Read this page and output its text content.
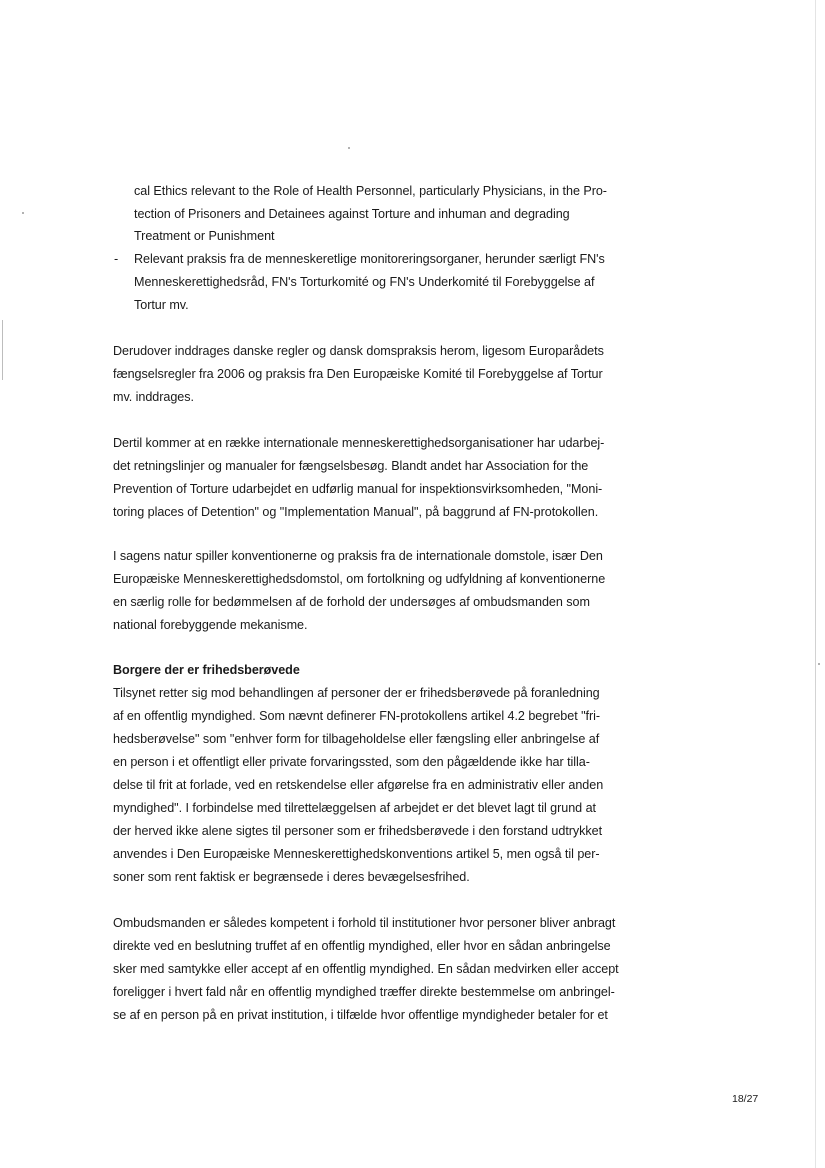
cal Ethics relevant to the Role of Health Personnel, particularly Physicians, in the Pro-
tection of Prisoners and Detainees against Torture and inhuman and degrading
Treatment or Punishment
- Relevant praksis fra de menneskeretlige monitoreringsorganer, herunder særligt FN's
Menneskerettighedsråd, FN's Torturkomité og FN's Underkomité til Forebyggelse af
Tortur mv.
Derudover inddrages danske regler og dansk domspraksis herom, ligesom Europarådets
fængselsregler fra 2006 og praksis fra Den Europæiske Komité til Forebyggelse af Tortur
mv. inddrages.
Dertil kommer at en række internationale menneskerettighedsorganisationer har udarbej-
det retningslinjer og manualer for fængselsbesøg. Blandt andet har Association for the
Prevention of Torture udarbejdet en udførlig manual for inspektionsvirksomheden, "Moni-
toring places of Detention" og "Implementation Manual", på baggrund af FN-protokollen.
I sagens natur spiller konventionerne og praksis fra de internationale domstole, især Den
Europæiske Menneskerettighedsdomstol, om fortolkning og udfyldning af konventionerne
en særlig rolle for bedømmelsen af de forhold der undersøges af ombudsmanden som
national forebyggende mekanisme.
Borgere der er frihedsberøvede
Tilsynet retter sig mod behandlingen af personer der er frihedsberøvede på foranledning
af en offentlig myndighed. Som nævnt definerer FN-protokollens artikel 4.2 begrebet "fri-
hedsberøvelse" som "enhver form for tilbageholdelse eller fængsling eller anbringelse af
en person i et offentligt eller private forvaringssted, som den pågældende ikke har tilla-
delse til frit at forlade, ved en retskendelse eller afgørelse fra en administrativ eller anden
myndighed". I forbindelse med tilrettelæggelsen af arbejdet er det blevet lagt til grund at
der herved ikke alene sigtes til personer som er frihedsberøvede i den forstand udtrykket
anvendes i Den Europæiske Menneskerettighedskonventions artikel 5, men også til per-
soner som rent faktisk er begrænsede i deres bevægelsesfrihed.
Ombudsmanden er således kompetent i forhold til institutioner hvor personer bliver anbragt
direkte ved en beslutning truffet af en offentlig myndighed, eller hvor en sådan anbringelse
sker med samtykke eller accept af en offentlig myndighed. En sådan medvirken eller accept
foreligger i hvert fald når en offentlig myndighed træffer direkte bestemmelse om anbringel-
se af en person på en privat institution, i tilfælde hvor offentlige myndigheder betaler for et
18/27
